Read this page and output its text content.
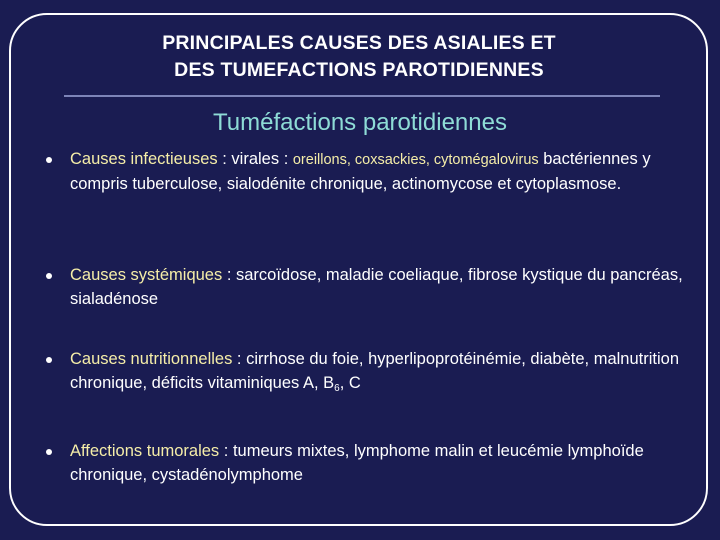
PRINCIPALES CAUSES DES ASIALIES ET
DES TUMEFACTIONS PAROTIDIENNES
Tuméfactions parotidiennes
Causes infectieuses : virales : oreillons, coxsackies, cytomégalovirus bactériennes y compris tuberculose, sialodénite chronique, actinomycose et cytoplasmose.
Causes systémiques : sarcoïdose, maladie coeliaque, fibrose kystique du pancréas, sialadénose
Causes nutritionnelles : cirrhose du foie, hyperlipoprotéinémie, diabète, malnutrition chronique, déficits vitaminiques A, $B_6$, C
Affections tumorales : tumeurs mixtes, lymphome malin et leucémie lymphoïde chronique, cystadénolymphome
